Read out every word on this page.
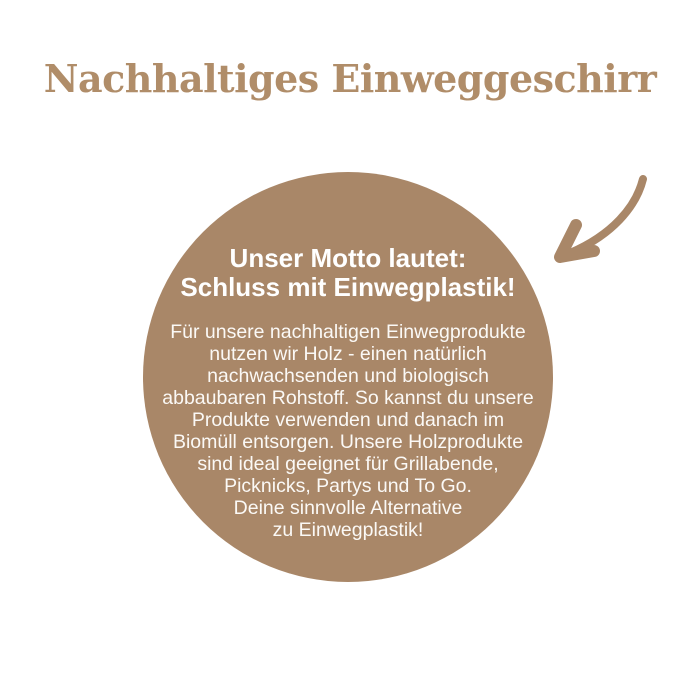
Nachhaltiges Einweggeschirr
Unser Motto lautet:
Schluss mit Einwegplastik!
Für unsere nachhaltigen Einwegprodukte
nutzen wir Holz - einen natürlich
nachwachsenden und biologisch
abbaubaren Rohstoff. So kannst du unsere
Produkte verwenden und danach im
Biomüll entsorgen. Unsere Holzprodukte
sind ideal geeignet für Grillabende,
Picknicks, Partys und To Go.
Deine sinnvolle Alternative
zu Einwegplastik!
